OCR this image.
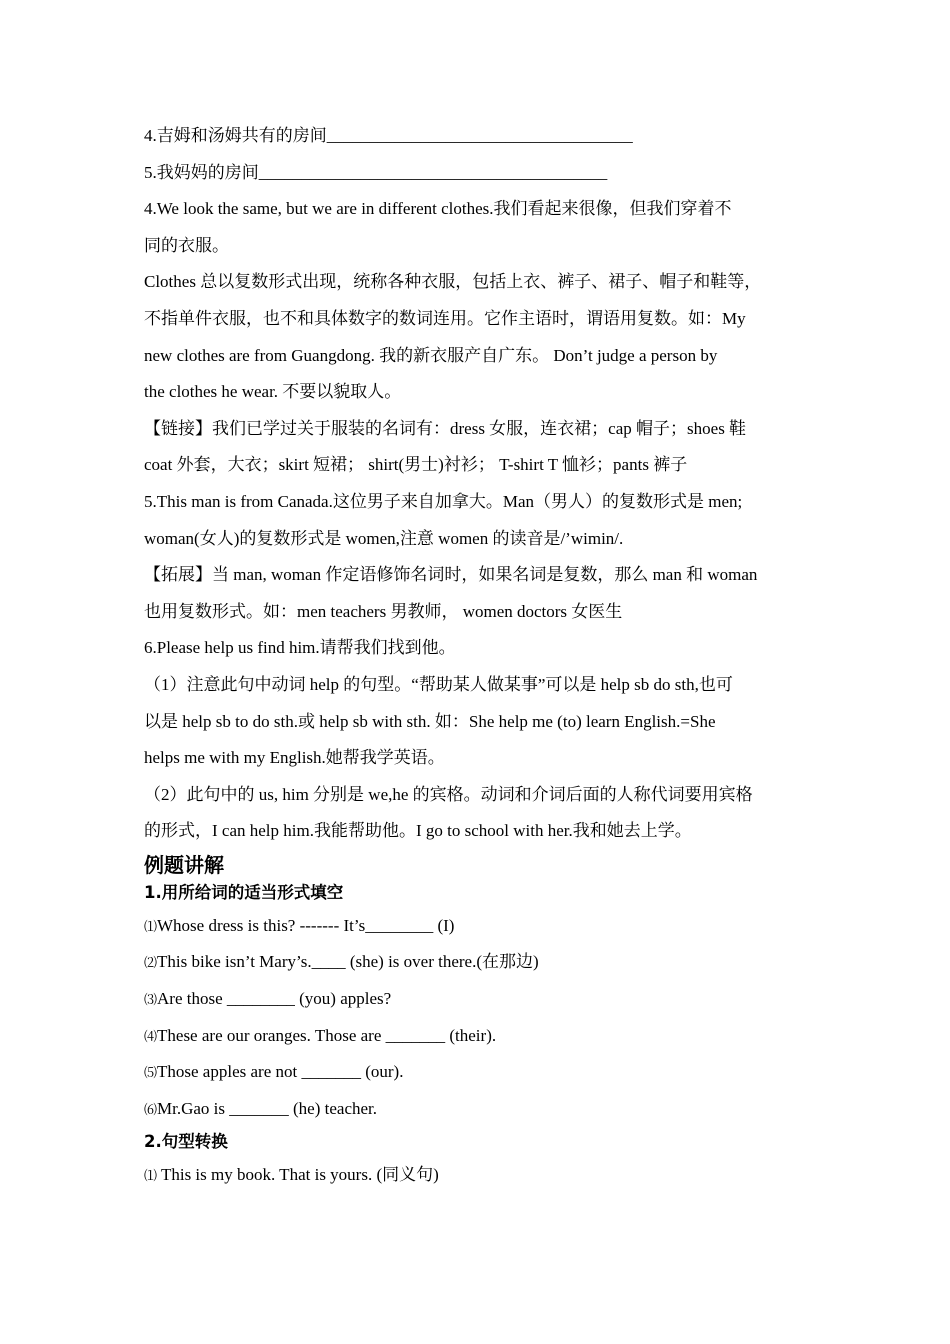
4.吉姆和汤姆共有的房间____________________________________
5.我妈妈的房间_________________________________________
4.We look the same, but we are in different clothes.我们看起来很像，但我们穿着不
同的衣服。
Clothes 总以复数形式出现，统称各种衣服，包括上衣、裤子、裙子、帽子和鞋等，
不指单件衣服，也不和具体数字的数词连用。它作主语时，谓语用复数。如：My
new clothes are from Guangdong. 我的新衣服产自广东。 Don’t judge a person by
the clothes he wear. 不要以貌取人。
【链接】我们已学过关于服装的名词有：dress 女服，连衣裙；cap 帽子；shoes 鞋
coat 外套，大衣；skirt 短裙； shirt(男士)衬衫； T-shirt T 恤衫；pants 裤子
5.This man is from Canada.这位男子来自加拿大。Man（男人）的复数形式是 men;
woman(女人)的复数形式是 women,注意 women 的读音是/’wimin/.
【拓展】当 man, woman 作定语修饰名词时，如果名词是复数，那么 man 和 woman
也用复数形式。如：men teachers 男教师， women doctors 女医生
6.Please help us find him.请帮我们找到他。
（1）注意此句中动词 help 的句型。“帮助某人做某事”可以是 help sb do sth,也可
以是 help sb to do sth.或 help sb with sth. 如：She help me (to) learn English.=She
helps me with my English.她帮我学英语。
（2）此句中的 us, him 分别是 we,he 的宾格。动词和介词后面的人称代词要用宾格
的形式，I can help him.我能帮助他。I go to school with her.我和她去上学。
例题讲解
1.用所给词的适当形式填空
⑴Whose dress is this? ------- It’s________ (I)
⑵This bike isn’t Mary’s.____ (she) is over there.(在那边)
⑶Are those ________ (you) apples?
⑷These are our oranges. Those are _______ (their).
⑸Those apples are not _______ (our).
⑹Mr.Gao is _______ (he) teacher.
2.句型转换
⑴ This is my book. That is yours. (同义句)
